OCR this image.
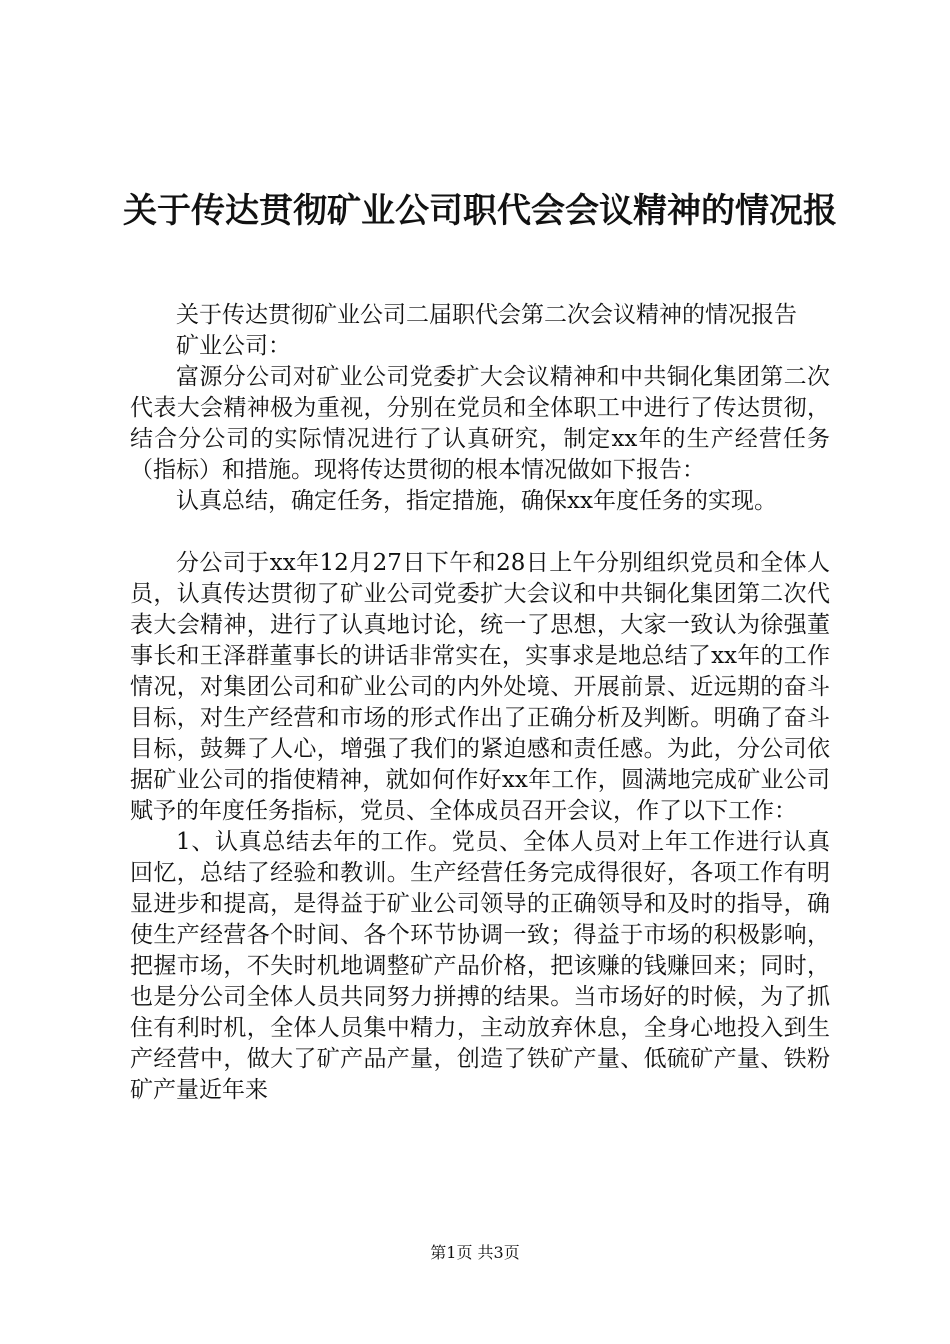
关于传达贯彻矿业公司职代会会议精神的情况报

关于传达贯彻矿业公司二届职代会第二次会议精神的情况报告

矿业公司：

富源分公司对矿业公司党委扩大会议精神和中共铜化集团第二次代表大会精神极为重视，分别在党员和全体职工中进行了传达贯彻，结合分公司的实际情况进行了认真研究，制定xx年的生产经营任务（指标）和措施。现将传达贯彻的根本情况做如下报告：

认真总结，确定任务，指定措施，确保xx年度任务的实现。

分公司于xx年12月27日下午和28日上午分别组织党员和全体人员，认真传达贯彻了矿业公司党委扩大会议和中共铜化集团第二次代表大会精神，进行了认真地讨论，统一了思想，大家一致认为徐强董事长和王泽群董事长的讲话非常实在，实事求是地总结了xx年的工作情况，对集团公司和矿业公司的内外处境、开展前景、近远期的奋斗目标，对生产经营和市场的形式作出了正确分析及判断。明确了奋斗目标，鼓舞了人心，增强了我们的紧迫感和责任感。为此，分公司依据矿业公司的指使精神，就如何作好xx年工作，圆满地完成矿业公司赋予的年度任务指标，党员、全体成员召开会议，作了以下工作：

1、认真总结去年的工作。党员、全体人员对上年工作进行认真回忆，总结了经验和教训。生产经营任务完成得很好，各项工作有明显进步和提高，是得益于矿业公司领导的正确领导和及时的指导，确使生产经营各个时间、各个环节协调一致；得益于市场的积极影响，把握市场，不失时机地调整矿产品价格，把该赚的钱赚回来；同时，也是分公司全体人员共同努力拼搏的结果。当市场好的时候，为了抓住有利时机，全体人员集中精力，主动放弃休息，全身心地投入到生产经营中，做大了矿产品产量，创造了铁矿产量、低硫矿产量、铁粉矿产量近年来

第1页 共3页
